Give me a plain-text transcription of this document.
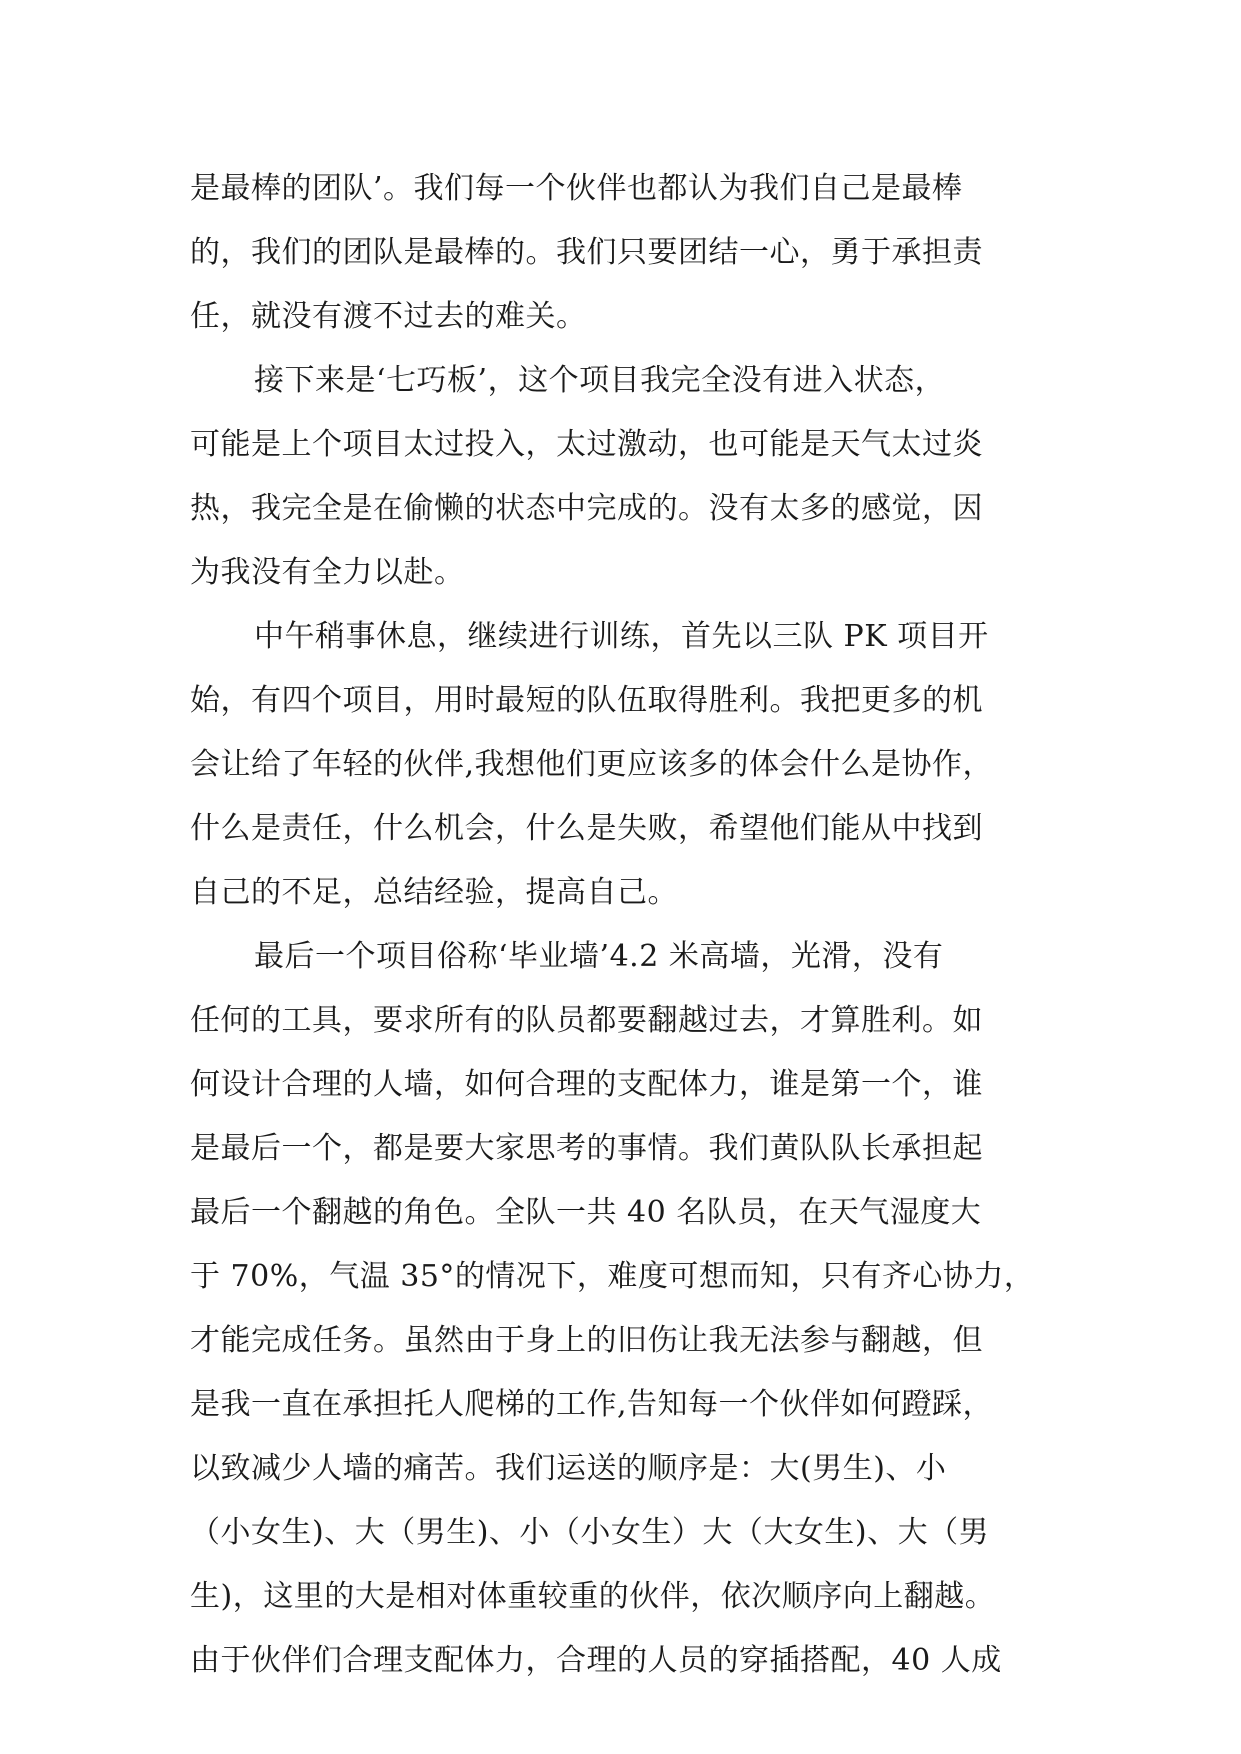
是最棒的团队’。我们每一个伙伴也都认为我们自己是最棒
的，我们的团队是最棒的。我们只要团结一心，勇于承担责
任，就没有渡不过去的难关。
接下来是‘七巧板’，这个项目我完全没有进入状态，
可能是上个项目太过投入，太过激动，也可能是天气太过炎
热，我完全是在偷懒的状态中完成的。没有太多的感觉，因
为我没有全力以赴。
中午稍事休息，继续进行训练，首先以三队 PK 项目开
始，有四个项目，用时最短的队伍取得胜利。我把更多的机
会让给了年轻的伙伴,我想他们更应该多的体会什么是协作，
什么是责任，什么机会，什么是失败，希望他们能从中找到
自己的不足，总结经验，提高自己。
最后一个项目俗称‘毕业墙’4.2 米高墙，光滑，没有
任何的工具，要求所有的队员都要翻越过去，才算胜利。如
何设计合理的人墙，如何合理的支配体力，谁是第一个，谁
是最后一个，都是要大家思考的事情。我们黄队队长承担起
最后一个翻越的角色。全队一共 40 名队员，在天气湿度大
于 70%，气温 35°的情况下，难度可想而知，只有齐心协力，
才能完成任务。虽然由于身上的旧伤让我无法参与翻越，但
是我一直在承担托人爬梯的工作,告知每一个伙伴如何蹬踩，
以致减少人墙的痛苦。我们运送的顺序是：大(男生)、小
（小女生)、大（男生)、小（小女生）大（大女生)、大（男
生)，这里的大是相对体重较重的伙伴，依次顺序向上翻越。
由于伙伴们合理支配体力，合理的人员的穿插搭配，40 人成
